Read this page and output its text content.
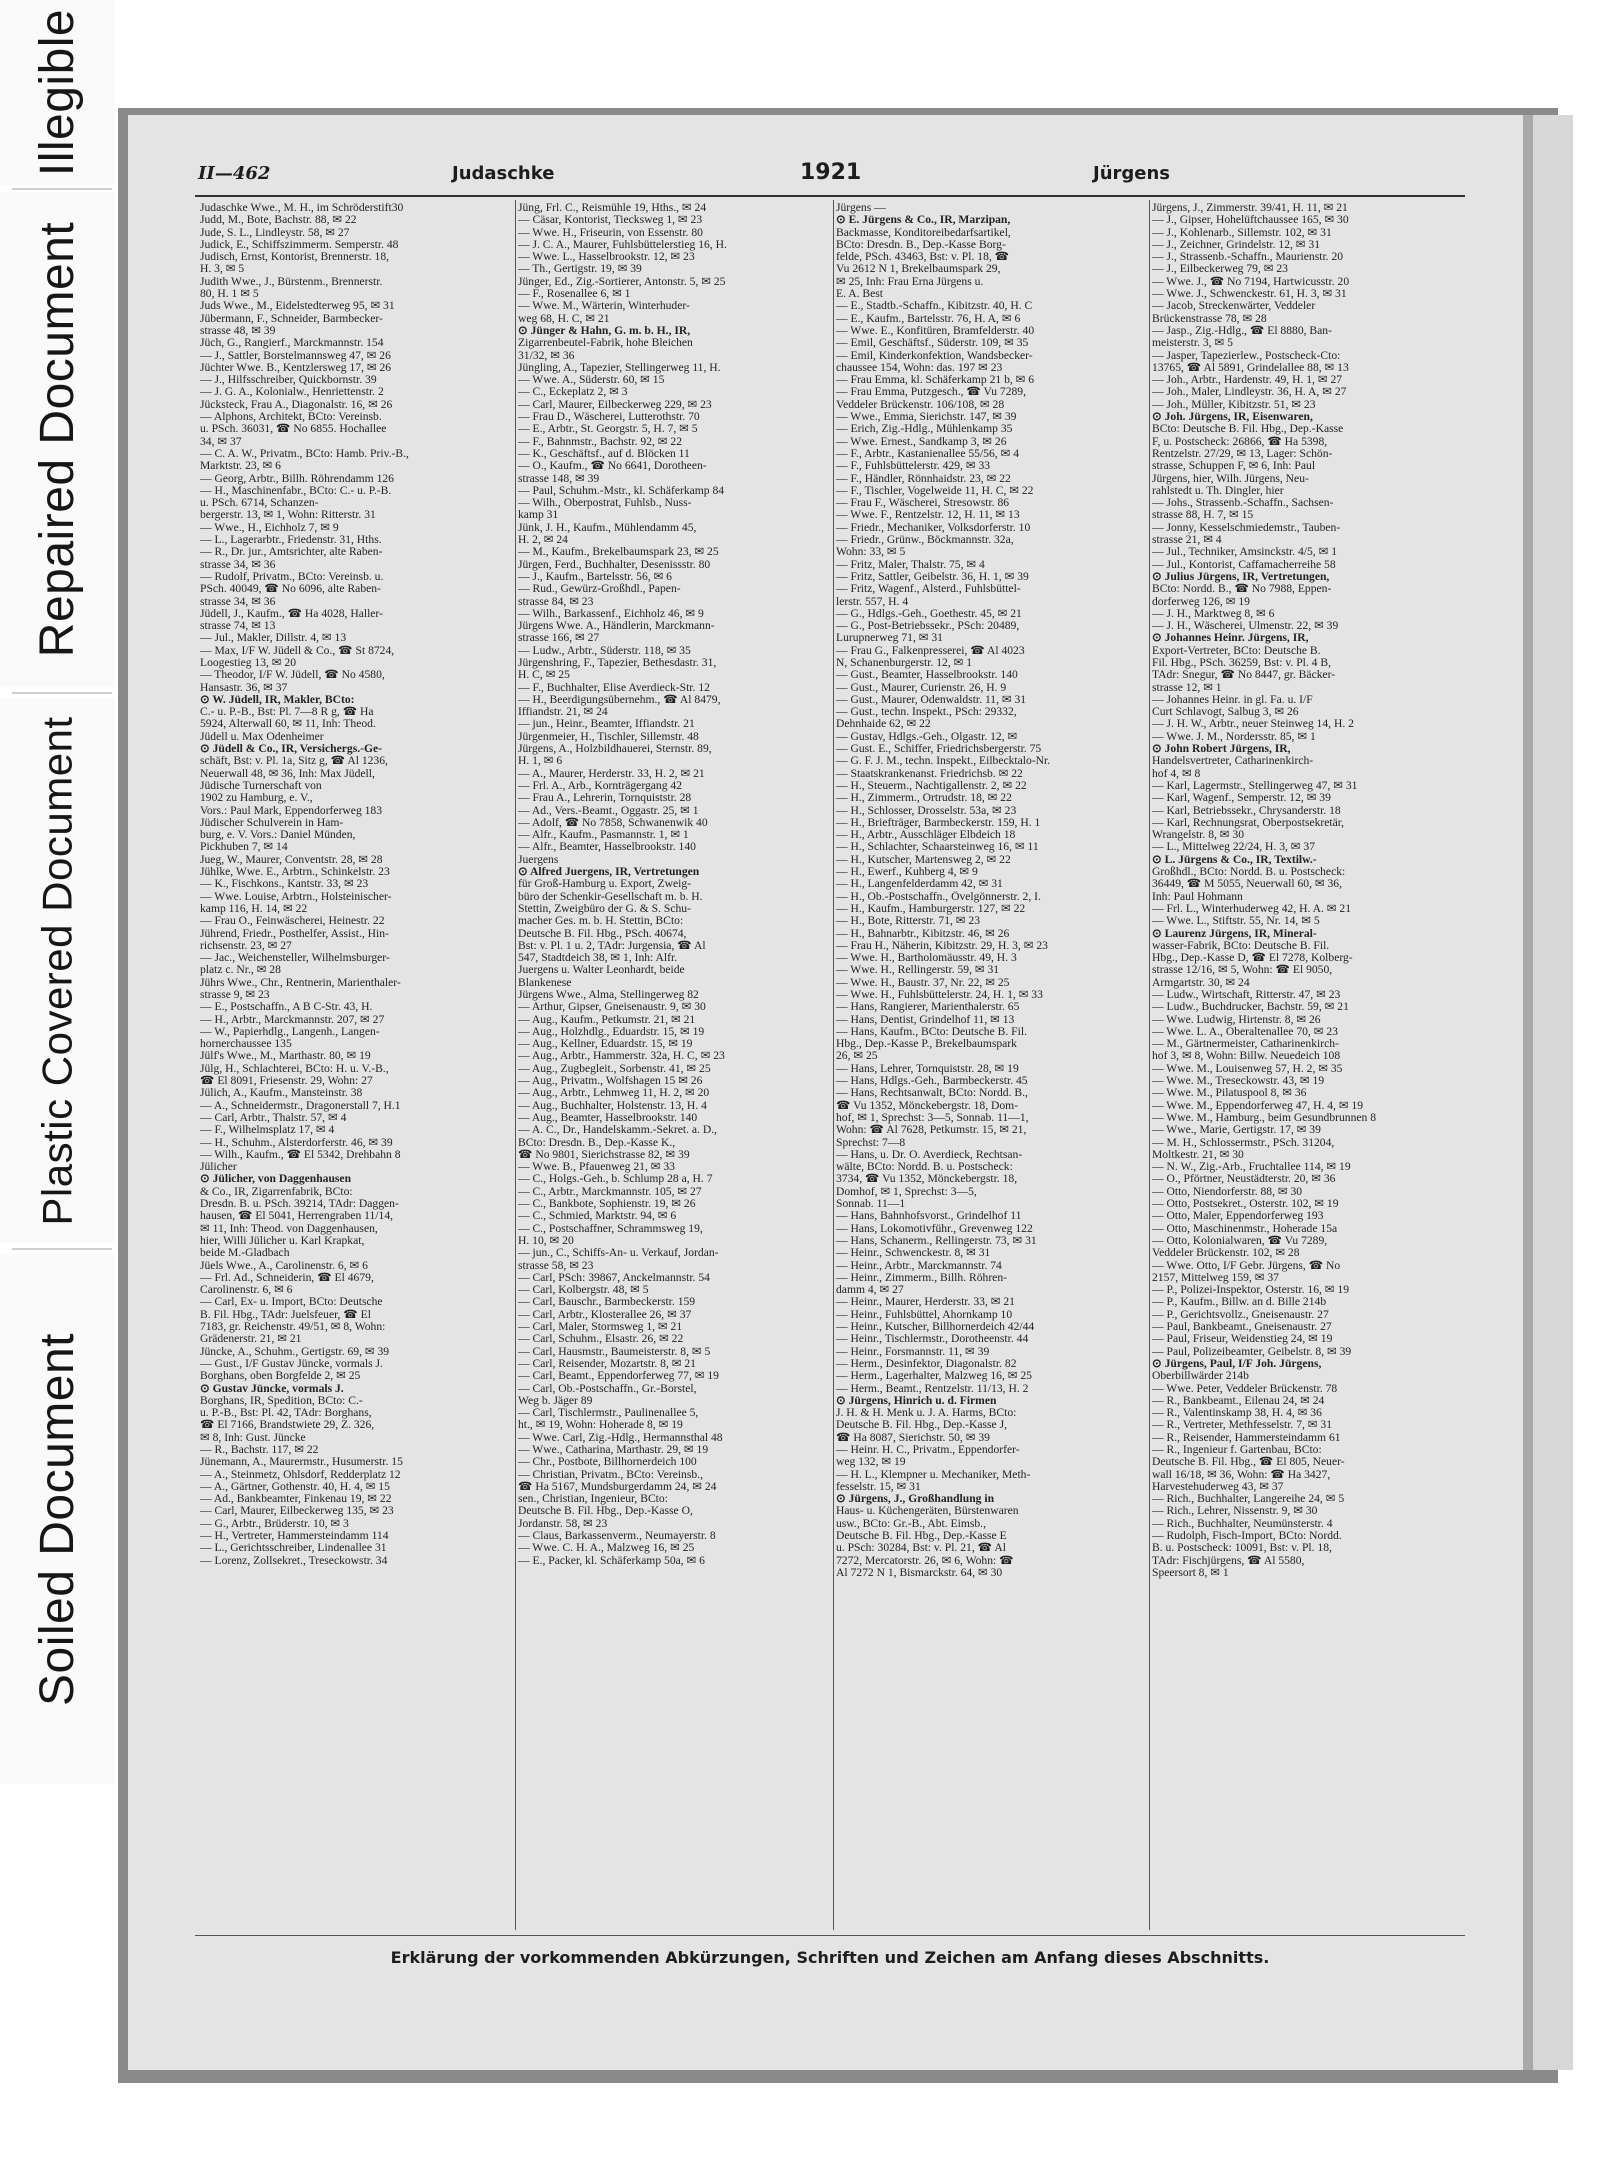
Illegible
Repaired Document
Plastic Covered Document
Soiled Document
II—462	Judaschke	1921	Jürgens
Judaschke Wwe., M. H., im Schröderstift30
Judd, M., Bote, Bachstr. 88, ✉ 22
Jude, S. L., Lindleystr. 58, ✉ 27
Judick, E., Schiffszimmerm. Semperstr. 48
Judisch, Ernst, Kontorist, Brennerstr. 18,
H. 3, ✉ 5
Judith Wwe., J., Bürstenm., Brennerstr.
80, H. 1 ✉ 5
Juds Wwe., M., Eidelstedterweg 95, ✉ 31
Jübermann, F., Schneider, Barmbecker-
strasse 48, ✉ 39
Jüch, G., Rangierf., Marckmannstr. 154
— J., Sattler, Borstelmannsweg 47, ✉ 26
Jüchter Wwe. B., Kentzlersweg 17, ✉ 26
— J., Hilfsschreiber, Quickbornstr. 39
— J. G. A., Kolonialw., Henriettenstr. 2
Jücksteck, Frau A., Diagonalstr. 16, ✉ 26
— Alphons, Architekt, BCto: Vereinsb.
u. PSch. 36031, ☎ No 6855. Hochallee
34, ✉ 37
— C. A. W., Privatm., BCto: Hamb. Priv.-B.,
Marktstr. 23, ✉ 6
— Georg, Arbtr., Billh. Röhrendamm 126
— H., Maschinenfabr., BCto: C.- u. P.-B.
u. PSch. 6714, Schanzen-
bergerstr. 13, ✉ 1, Wohn: Ritterstr. 31
— Wwe., H., Eichholz 7, ✉ 9
— L., Lagerarbtr., Friedenstr. 31, Hths.
— R., Dr. jur., Amtsrichter, alte Raben-
strasse 34, ✉ 36
— Rudolf, Privatm., BCto: Vereinsb. u.
PSch. 40049, ☎ No 6096, alte Raben-
strasse 34, ✉ 36
Jüdell, J., Kaufm., ☎ Ha 4028, Haller-
strasse 74, ✉ 13
— Jul., Makler, Dillstr. 4, ✉ 13
— Max, I/F W. Jüdell & Co., ☎ St 8724,
Loogestieg 13, ✉ 20
— Theodor, I/F W. Jüdell, ☎ No 4580,
Hansastr. 36, ✉ 37
⊙ W. Jüdell, IR, Makler, BCto:
C.- u. P.-B., Bst: Pl. 7—8 R g, ☎ Ha
5924, Alterwall 60, ✉ 11, Inh: Theod.
Jüdell u. Max Odenheimer
⊙ Jüdell & Co., IR, Versichergs.-Ge-
schäft, Bst: v. Pl. 1a, Sitz g, ☎ Al 1236,
Neuerwall 48, ✉ 36, Inh: Max Jüdell,
Jüdische Turnerschaft von
1902 zu Hamburg, e. V.,
Vors.: Paul Mark, Eppendorferweg 183
Jüdischer Schulverein in Ham-
burg, e. V. Vors.: Daniel Münden,
Pickhuben 7, ✉ 14
Jueg, W., Maurer, Conventstr. 28, ✉ 28
Jühlke, Wwe. E., Arbtrn., Schinkelstr. 23
— K., Fischkons., Kantstr. 33, ✉ 23
— Wwe. Louise, Arbtrn., Holsteinischer-
kamp 116, H. 14, ✉ 22
— Frau O., Feinwäscherei, Heinestr. 22
Jührend, Friedr., Posthelfer, Assist., Hin-
richsenstr. 23, ✉ 27
— Jac., Weichensteller, Wilhelmsburger-
platz c. Nr., ✉ 28
Jührs Wwe., Chr., Rentnerin, Marienthaler-
strasse 9, ✉ 23
— E., Postschaffn., A B C-Str. 43, H.
— H., Arbtr., Marckmannstr. 207, ✉ 27
— W., Papierhdlg., Langenh., Langen-
hornerchaussee 135
Jülf's Wwe., M., Marthastr. 80, ✉ 19
Jülg, H., Schlachterei, BCto: H. u. V.-B.,
☎ El 8091, Friesenstr. 29, Wohn: 27
Jülich, A., Kaufm., Mansteinstr. 38
— A., Schneidermstr., Dragonerstall 7, H.1
— Carl, Arbtr., Thalstr. 57, ✉ 4
— F., Wilhelmsplatz 17, ✉ 4
— H., Schuhm., Alsterdorferstr. 46, ✉ 39
— Wilh., Kaufm., ☎ El 5342, Drehbahn 8
Jülicher
⊙ Jülicher, von Daggenhausen
& Co., IR, Zigarrenfabrik, BCto:
Dresdn. B. u. PSch. 39214, TAdr: Daggen-
hausen, ☎ El 5041, Herrengraben 11/14,
✉ 11, Inh: Theod. von Daggenhausen,
hier, Willi Jülicher u. Karl Krapkat,
beide M.-Gladbach
Jüels Wwe., A., Carolinenstr. 6, ✉ 6
— Frl. Ad., Schneiderin, ☎ El 4679,
Carolinenstr. 6, ✉ 6
— Carl, Ex- u. Import, BCto: Deutsche
B. Fil. Hbg., TAdr: Juelsfeuer, ☎ El
7183, gr. Reichenstr. 49/51, ✉ 8, Wohn:
Grädenerstr. 21, ✉ 21
Jüncke, A., Schuhm., Gertigstr. 69, ✉ 39
— Gust., I/F Gustav Jüncke, vormals J.
Borghans, oben Borgfelde 2, ✉ 25
⊙ Gustav Jüncke, vormals J.
Borghans, IR, Spedition, BCto: C.-
u. P.-B., Bst: Pl. 42, TAdr: Borghans,
☎ El 7166, Brandstwiete 29, Z. 326,
✉ 8, Inh: Gust. Jüncke
— R., Bachstr. 117, ✉ 22
Jünemann, A., Maurermstr., Husumerstr. 15
— A., Steinmetz, Ohlsdorf, Redderplatz 12
— A., Gärtner, Gothenstr. 40, H. 4, ✉ 15
— Ad., Bankbeamter, Finkenau 19, ✉ 22
— Carl, Maurer, Eilbeckerweg 135, ✉ 23
— G., Arbtr., Brüderstr. 10, ✉ 3
— H., Vertreter, Hammersteindamm 114
— L., Gerichtsschreiber, Lindenallee 31
— Lorenz, Zollsekret., Treseckowstr. 34
Jüng, Frl. C., Reismühle 19, Hths., ✉ 24
— Cäsar, Kontorist, Tiecksweg 1, ✉ 23
— Wwe. H., Friseurin, von Essenstr. 80
— J. C. A., Maurer, Fuhlsbüttelerstieg 16, H.
— Wwe. L., Hasselbrookstr. 12, ✉ 23
— Th., Gertigstr. 19, ✉ 39
Jünger, Ed., Zig.-Sortierer, Antonstr. 5, ✉ 25
— F., Rosenallee 6, ✉ 1
— Wwe. M., Wärterin, Winterhuder-
weg 68, H. C, ✉ 21
⊙ Jünger & Hahn, G. m. b. H., IR,
Zigarrenbeutel-Fabrik, hohe Bleichen
31/32, ✉ 36
Jüngling, A., Tapezier, Stellingerweg 11, H.
— Wwe. A., Süderstr. 60, ✉ 15
— C., Eckeplatz 2, ✉ 3
— Carl, Maurer, Eilbeckerweg 229, ✉ 23
— Frau D., Wäscherei, Lutterothstr. 70
— E., Arbtr., St. Georgstr. 5, H. 7, ✉ 5
— F., Bahnmstr., Bachstr. 92, ✉ 22
— K., Geschäftsf., auf d. Blöcken 11
— O., Kaufm., ☎ No 6641, Dorotheen-
strasse 148, ✉ 39
— Paul, Schuhm.-Mstr., kl. Schäferkamp 84
— Wilh., Oberpostrat, Fuhlsb., Nuss-
kamp 31
Jünk, J. H., Kaufm., Mühlendamm 45,
H. 2, ✉ 24
— M., Kaufm., Brekelbaumspark 23, ✉ 25
Jürgen, Ferd., Buchhalter, Desenissstr. 80
— J., Kaufm., Bartelsstr. 56, ✉ 6
— Rud., Gewürz-Großhdl., Papen-
strasse 84, ✉ 23
— Wilh., Barkassenf., Eichholz 46, ✉ 9
Jürgens Wwe. A., Händlerin, Marckmann-
strasse 166, ✉ 27
— Ludw., Arbtr., Süderstr. 118, ✉ 35
Jürgenshring, F., Tapezier, Bethesdastr. 31,
H. C, ✉ 25
— F., Buchhalter, Elise Averdieck-Str. 12
— H., Beerdigungsübernehm., ☎ Al 8479,
Iffiandstr. 21, ✉ 24
— jun., Heinr., Beamter, Iffiandstr. 21
Jürgenmeier, H., Tischler, Sillemstr. 48
Jürgens, A., Holzbildhauerei, Sternstr. 89,
H. 1, ✉ 6
— A., Maurer, Herderstr. 33, H. 2, ✉ 21
— Frl. A., Arb., Kornträgergang 42
— Frau A., Lehrerin, Tornquiststr. 28
— Ad., Vers.-Beamt., Oggastr. 25, ✉ 1
— Adolf, ☎ No 7858, Schwanenwik 40
— Alfr., Kaufm., Pasmannstr. 1, ✉ 1
— Alfr., Beamter, Hasselbrookstr. 140
Juergens
⊙ Alfred Juergens, IR, Vertretungen
für Groß-Hamburg u. Export, Zweig-
büro der Schenkir-Gesellschaft m. b. H.
Stettin, Zweigbüro der G. & S. Schu-
macher Ges. m. b. H. Stettin, BCto:
Deutsche B. Fil. Hbg., PSch. 40674,
Bst: v. Pl. 1 u. 2, TAdr: Jurgensia, ☎ Al
547, Stadtdeich 38, ✉ 1, Inh: Alfr.
Juergens u. Walter Leonhardt, beide
Blankenese
Jürgens Wwe., Alma, Stellingerweg 82
— Arthur, Gipser, Gneisenaustr. 9, ✉ 30
— Aug., Kaufm., Petkumstr. 21, ✉ 21
— Aug., Holzhdlg., Eduardstr. 15, ✉ 19
— Aug., Kellner, Eduardstr. 15, ✉ 19
— Aug., Arbtr., Hammerstr. 32a, H. C, ✉ 23
— Aug., Zugbegleit., Sorbenstr. 41, ✉ 25
— Aug., Privatm., Wolfshagen 15 ✉ 26
— Aug., Arbtr., Lehmweg 11, H. 2, ✉ 20
— Aug., Buchhalter, Holstenstr. 13, H. 4
— Aug., Beamter, Hasselbrookstr. 140
— A. C., Dr., Handelskamm.-Sekret. a. D.,
BCto: Dresdn. B., Dep.-Kasse K.,
☎ No 9801, Sierichstrasse 82, ✉ 39
— Wwe. B., Pfauenweg 21, ✉ 33
— C., Holgs.-Geh., b. Schlump 28 a, H. 7
— C., Arbtr., Marckmannstr. 105, ✉ 27
— C., Bankbote, Sophienstr. 19, ✉ 26
— C., Schmied, Marktstr. 94, ✉ 6
— C., Postschaffner, Schrammsweg 19,
H. 10, ✉ 20
— jun., C., Schiffs-An- u. Verkauf, Jordan-
strasse 58, ✉ 23
— Carl, PSch: 39867, Anckelmannstr. 54
— Carl, Kolbergstr. 48, ✉ 5
— Carl, Bauschr., Barmbeckerstr. 159
— Carl, Arbtr., Klosterallee 26, ✉ 37
— Carl, Maler, Stormsweg 1, ✉ 21
— Carl, Schuhm., Elsastr. 26, ✉ 22
— Carl, Hausmstr., Baumeisterstr. 8, ✉ 5
— Carl, Reisender, Mozartstr. 8, ✉ 21
— Carl, Beamt., Eppendorferweg 77, ✉ 19
— Carl, Ob.-Postschaffn., Gr.-Borstel,
Weg b. Jäger 89
— Carl, Tischlermstr., Paulinenallee 5,
ht., ✉ 19, Wohn: Hoherade 8, ✉ 19
— Wwe. Carl, Zig.-Hdlg., Hermannsthal 48
— Wwe., Catharina, Marthastr. 29, ✉ 19
— Chr., Postbote, Billhornerdeich 100
— Christian, Privatm., BCto: Vereinsb.,
☎ Ha 5167, Mundsburgerdamm 24, ✉ 24
sen., Christian, Ingenieur, BCto:
Deutsche B. Fil. Hbg., Dep.-Kasse O,
Jordanstr. 58, ✉ 23
— Claus, Barkassenverm., Neumayerstr. 8
— Wwe. C. H. A., Malzweg 16, ✉ 25
— E., Packer, kl. Schäferkamp 50a, ✉ 6
Jürgens —
⊙ E. Jürgens & Co., IR, Marzipan,
Backmasse, Konditoreibedarfsartikel,
BCto: Dresdn. B., Dep.-Kasse Borg-
felde, PSch. 43463, Bst: v. Pl. 18, ☎
Vu 2612 N 1, Brekelbaumspark 29,
✉ 25, Inh: Frau Erna Jürgens u.
E. A. Best
— E., Stadtb.-Schaffn., Kibitzstr. 40, H. C
— E., Kaufm., Bartelsstr. 76, H. A, ✉ 6
— Wwe. E., Konfitüren, Bramfelderstr. 40
— Emil, Geschäftsf., Süderstr. 109, ✉ 35
— Emil, Kinderkonfektion, Wandsbecker-
chaussee 154, Wohn: das. 197 ✉ 23
— Frau Emma, kl. Schäferkamp 21 b, ✉ 6
— Frau Emma, Putzgesch., ☎ Vu 7289,
Veddeler Brückenstr. 106/108, ✉ 28
— Wwe., Emma, Sierichstr. 147, ✉ 39
— Erich, Zig.-Hdlg., Mühlenkamp 35
— Wwe. Ernest., Sandkamp 3, ✉ 26
— F., Arbtr., Kastanienallee 55/56, ✉ 4
— F., Fuhlsbüttelerstr. 429, ✉ 33
— F., Händler, Rönnhaidstr. 23, ✉ 22
— F., Tischler, Vogelweide 11, H. C, ✉ 22
— Frau F., Wäscherei, Stresowstr. 86
— Wwe. F., Rentzelstr. 12, H. 11, ✉ 13
— Friedr., Mechaniker, Volksdorferstr. 10
— Friedr., Grünw., Böckmannstr. 32a,
Wohn: 33, ✉ 5
— Fritz, Maler, Thalstr. 75, ✉ 4
— Fritz, Sattler, Geibelstr. 36, H. 1, ✉ 39
— Fritz, Wagenf., Alsterd., Fuhlsbüttel-
lerstr. 557, H. 4
— G., Hdlgs.-Geh., Goethestr. 45, ✉ 21
— G., Post-Betriebssekr., PSch: 20489,
Lurupnerweg 71, ✉ 31
— Frau G., Falkenpresserei, ☎ Al 4023
N, Schanenburgerstr. 12, ✉ 1
— Gust., Beamter, Hasselbrookstr. 140
— Gust., Maurer, Curienstr. 26, H. 9
— Gust., Maurer, Odenwaldstr. 11, ✉ 31
— Gust., techn. Inspekt., PSch: 29332,
Dehnhaide 62, ✉ 22
— Gustav, Hdlgs.-Geh., Olgastr. 12, ✉
— Gust. E., Schiffer, Friedrichsbergerstr. 75
— G. F. J. M., techn. Inspekt., Eilbecktalo-Nr.
— Staatskrankenanst. Friedrichsb. ✉ 22
— H., Steuerm., Nachtigallenstr. 2, ✉ 22
— H., Zimmerm., Ortrudstr. 18, ✉ 22
— H., Schlosser, Drosselstr. 53a, ✉ 23
— H., Briefträger, Barmbeckerstr. 159, H. 1
— H., Arbtr., Ausschläger Elbdeich 18
— H., Schlachter, Schaarsteinweg 16, ✉ 11
— H., Kutscher, Martensweg 2, ✉ 22
— H., Ewerf., Kuhberg 4, ✉ 9
— H., Langenfelderdamm 42, ✉ 31
— H., Ob.-Postschaffn., Övelgönnerstr. 2, I.
— H., Kaufm., Hamburgerstr. 127, ✉ 22
— H., Bote, Ritterstr. 71, ✉ 23
— H., Bahnarbtr., Kibitzstr. 46, ✉ 26
— Frau H., Näherin, Kibitzstr. 29, H. 3, ✉ 23
— Wwe. H., Bartholomäusstr. 49, H. 3
— Wwe. H., Rellingerstr. 59, ✉ 31
— Wwe. H., Baustr. 37, Nr. 22, ✉ 25
— Wwe. H., Fuhlsbüttelerstr. 24, H. 1, ✉ 33
— Hans, Rangierer, Marienthalerstr. 65
— Hans, Dentist, Grindelhof 11, ✉ 13
— Hans, Kaufm., BCto: Deutsche B. Fil.
Hbg., Dep.-Kasse P., Brekelbaumspark
26, ✉ 25
— Hans, Lehrer, Tornquiststr. 28, ✉ 19
— Hans, Hdlgs.-Geh., Barmbeckerstr. 45
— Hans, Rechtsanwalt, BCto: Nordd. B.,
☎ Vu 1352, Mönckebergstr. 18, Dom-
hof, ✉ 1, Sprechst: 3—5, Sonnab. 11—1,
Wohn: ☎ Al 7628, Petkumstr. 15, ✉ 21,
Sprechst: 7—8
— Hans, u. Dr. O. Averdieck, Rechtsan-
wälte, BCto: Nordd. B. u. Postscheck:
3734, ☎ Vu 1352, Mönckebergstr. 18,
Domhof, ✉ 1, Sprechst: 3—5,
Sonnab. 11—1
— Hans, Bahnhofsvorst., Grindelhof 11
— Hans, Lokomotivführ., Grevenweg 122
— Hans, Schanerm., Rellingerstr. 73, ✉ 31
— Heinr., Schwenckestr. 8, ✉ 31
— Heinr., Arbtr., Marckmannstr. 74
— Heinr., Zimmerm., Billh. Röhren-
damm 4, ✉ 27
— Heinr., Maurer, Herderstr. 33, ✉ 21
— Heinr., Fuhlsbüttel, Ahornkamp 10
— Heinr., Kutscher, Billhornerdeich 42/44
— Heinr., Tischlermstr., Dorotheenstr. 44
— Heinr., Forsmannstr. 11, ✉ 39
— Herm., Desinfektor, Diagonalstr. 82
— Herm., Lagerhalter, Malzweg 16, ✉ 25
— Herm., Beamt., Rentzelstr. 11/13, H. 2
⊙ Jürgens, Hinrich u. d. Firmen
J. H. & H. Menk u. J. A. Harms, BCto:
Deutsche B. Fil. Hbg., Dep.-Kasse J,
☎ Ha 8087, Sierichstr. 50, ✉ 39
— Heinr. H. C., Privatm., Eppendorfer-
weg 132, ✉ 19
— H. L., Klempner u. Mechaniker, Meth-
fesselstr. 15, ✉ 31
⊙ Jürgens, J., Großhandlung in
Haus- u. Küchengeräten, Bürstenwaren
usw., BCto: Gr.-B., Abt. Eimsb.,
Deutsche B. Fil. Hbg., Dep.-Kasse E
u. PSch: 30284, Bst: v. Pl. 21, ☎ Al
7272, Mercatorstr. 26, ✉ 6, Wohn: ☎
Al 7272 N 1, Bismarckstr. 64, ✉ 30
Jürgens, J., Zimmerstr. 39/41, H. 11, ✉ 21
— J., Gipser, Hohelüftchaussee 165, ✉ 30
— J., Kohlenarb., Sillemstr. 102, ✉ 31
— J., Zeichner, Grindelstr. 12, ✉ 31
— J., Strassenb.-Schaffn., Maurienstr. 20
— J., Eilbeckerweg 79, ✉ 23
— Wwe. J., ☎ No 7194, Hartwicusstr. 20
— Wwe. J., Schwenckestr. 61, H. 3, ✉ 31
— Jacob, Streckenwärter, Veddeler
Brückenstrasse 78, ✉ 28
— Jasp., Zig.-Hdlg., ☎ El 8880, Ban-
meisterstr. 3, ✉ 5
— Jasper, Tapezierlew., Postscheck-Cto:
13765, ☎ Al 5891, Grindelallee 88, ✉ 13
— Joh., Arbtr., Hardenstr. 49, H. 1, ✉ 27
— Joh., Maler, Lindleystr. 36, H. A, ✉ 27
— Joh., Müller, Kibitzstr. 51, ✉ 23
⊙ Joh. Jürgens, IR, Eisenwaren,
BCto: Deutsche B. Fil. Hbg., Dep.-Kasse
F, u. Postscheck: 26866, ☎ Ha 5398,
Rentzelstr. 27/29, ✉ 13, Lager: Schön-
strasse, Schuppen F, ✉ 6, Inh: Paul
Jürgens, hier, Wilh. Jürgens, Neu-
rahlstedt u. Th. Dingler, hier
— Johs., Strassenb.-Schaffn., Sachsen-
strasse 88, H. 7, ✉ 15
— Jonny, Kesselschmiedemstr., Tauben-
strasse 21, ✉ 4
— Jul., Techniker, Amsinckstr. 4/5, ✉ 1
— Jul., Kontorist, Caffamacherreihe 58
⊙ Julius Jürgens, IR, Vertretungen,
BCto: Nordd. B., ☎ No 7988, Eppen-
dorferweg 126, ✉ 19
— J. H., Marktweg 8, ✉ 6
— J. H., Wäscherei, Ulmenstr. 22, ✉ 39
⊙ Johannes Heinr. Jürgens, IR,
Export-Vertreter, BCto: Deutsche B.
Fil. Hbg., PSch. 36259, Bst: v. Pl. 4 B,
TAdr: Snegur, ☎ No 8447, gr. Bäcker-
strasse 12, ✉ 1
— Johannes Heinr. in gl. Fa. u. I/F
Curt Schlavogt, Salbug 3, ✉ 26
— J. H. W., Arbtr., neuer Steinweg 14, H. 2
— Wwe. J. M., Nordersstr. 85, ✉ 1
⊙ John Robert Jürgens, IR,
Handelsvertreter, Catharinenkirch-
hof 4, ✉ 8
— Karl, Lagermstr., Stellingerweg 47, ✉ 31
— Karl, Wagenf., Semperstr. 12, ✉ 39
— Karl, Betriebssekr., Chrysanderstr. 18
— Karl, Rechnungsrat, Oberpostsekretär,
Wrangelstr. 8, ✉ 30
— L., Mittelweg 22/24, H. 3, ✉ 37
⊙ L. Jürgens & Co., IR, Textilw.-
Großhdl., BCto: Nordd. B. u. Postscheck:
36449, ☎ M 5055, Neuerwall 60, ✉ 36,
Inh: Paul Hohmann
— Frl. L., Winterhuderweg 42, H. A. ✉ 21
— Wwe. L., Stiftstr. 55, Nr. 14, ✉ 5
⊙ Laurenz Jürgens, IR, Mineral-
wasser-Fabrik, BCto: Deutsche B. Fil.
Hbg., Dep.-Kasse D, ☎ El 7278, Kolberg-
strasse 12/16, ✉ 5, Wohn: ☎ El 9050,
Armgartstr. 30, ✉ 24
— Ludw., Wirtschaft, Ritterstr. 47, ✉ 23
— Ludw., Buchdrucker, Bachstr. 59, ✉ 21
— Wwe. Ludwig, Hirtenstr. 8, ✉ 26
— Wwe. L. A., Oberaltenallee 70, ✉ 23
— M., Gärtnermeister, Catharinenkirch-
hof 3, ✉ 8, Wohn: Billw. Neuedeich 108
— Wwe. M., Louisenweg 57, H. 2, ✉ 35
— Wwe. M., Treseckowstr. 43, ✉ 19
— Wwe. M., Pilatuspool 8, ✉ 36
— Wwe. M., Eppendorferweg 47, H. 4, ✉ 19
— Wwe. M., Hamburg., beim Gesundbrunnen 8
— Wwe., Marie, Gertigstr. 17, ✉ 39
— M. H., Schlossermstr., PSch. 31204,
Moltkestr. 21, ✉ 30
— N. W., Zig.-Arb., Fruchtallee 114, ✉ 19
— O., Pförtner, Neustädterstr. 20, ✉ 36
— Otto, Niendorferstr. 88, ✉ 30
— Otto, Postsekret., Osterstr. 102, ✉ 19
— Otto, Maler, Eppendorferweg 193
— Otto, Maschinenmstr., Hoherade 15a
— Otto, Kolonialwaren, ☎ Vu 7289,
Veddeler Brückenstr. 102, ✉ 28
— Wwe. Otto, I/F Gebr. Jürgens, ☎ No
2157, Mittelweg 159, ✉ 37
— P., Polizei-Inspektor, Osterstr. 16, ✉ 19
— P., Kaufm., Billw. an d. Bille 214b
— P., Gerichtsvollz., Gneisenaustr. 27
— Paul, Bankbeamt., Gneisenaustr. 27
— Paul, Friseur, Weidenstieg 24, ✉ 19
— Paul, Polizeibeamter, Geibelstr. 8, ✉ 39
⊙ Jürgens, Paul, I/F Joh. Jürgens,
Oberbillwärder 214b
— Wwe. Peter, Veddeler Brückenstr. 78
— R., Bankbeamt., Eilenau 24, ✉ 24
— R., Valentinskamp 38, H. 4, ✉ 36
— R., Vertreter, Methfesselstr. 7, ✉ 31
— R., Reisender, Hammersteindamm 61
— R., Ingenieur f. Gartenbau, BCto:
Deutsche B. Fil. Hbg., ☎ El 805, Neuer-
wall 16/18, ✉ 36, Wohn: ☎ Ha 3427,
Harvestehuderweg 43, ✉ 37
— Rich., Buchhalter, Langereihe 24, ✉ 5
— Rich., Lehrer, Nissenstr. 9, ✉ 30
— Rich., Buchhalter, Neumünsterstr. 4
— Rudolph, Fisch-Import, BCto: Nordd.
B. u. Postscheck: 10091, Bst: v. Pl. 18,
TAdr: Fischjürgens, ☎ Al 5580,
Speersort 8, ✉ 1
Erklärung der vorkommenden Abkürzungen, Schriften und Zeichen am Anfang dieses Abschnitts.
